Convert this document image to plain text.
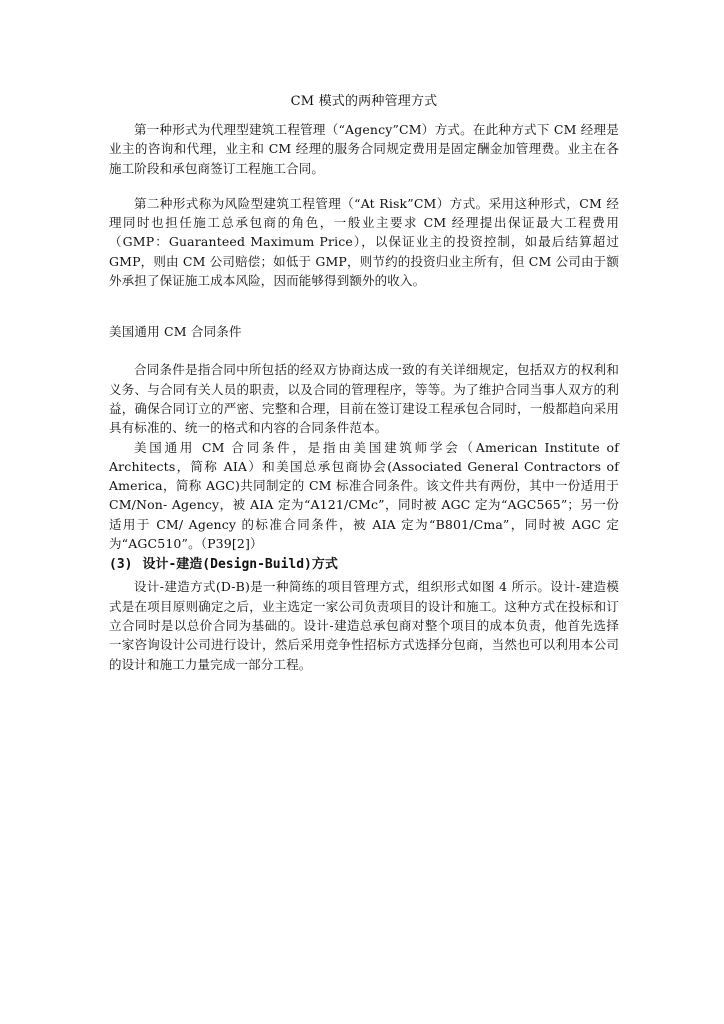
CM 模式的两种管理方式

第一种形式为代理型建筑工程管理（“Agency”CM）方式。在此种方式下 CM 经理是业主的咨询和代理，业主和 CM 经理的服务合同规定费用是固定酬金加管理费。业主在各施工阶段和承包商签订工程施工合同。

第二种形式称为风险型建筑工程管理（“At Risk”CM）方式。采用这种形式，CM 经理同时也担任施工总承包商的角色，一般业主要求 CM 经理提出保证最大工程费用（GMP：Guaranteed Maximum Price），以保证业主的投资控制，如最后结算超过 GMP，则由 CM 公司赔偿；如低于 GMP，则节约的投资归业主所有，但 CM 公司由于额外承担了保证施工成本风险，因而能够得到额外的收入。

美国通用 CM 合同条件

合同条件是指合同中所包括的经双方协商达成一致的有关详细规定，包括双方的权利和义务、与合同有关人员的职责，以及合同的管理程序，等等。为了维护合同当事人双方的利益，确保合同订立的严密、完整和合理，目前在签订建设工程承包合同时，一般都趋向采用具有标准的、统一的格式和内容的合同条件范本。

美国通用 CM 合同条件，是指由美国建筑师学会（American Institute of Architects，简称 AIA）和美国总承包商协会(Associated General Contractors of America，简称 AGC)共同制定的 CM 标准合同条件。该文件共有两份，其中一份适用于 CM/Non- Agency，被 AIA 定为“A121/CMc”，同时被 AGC 定为“AGC565”；另一份适用于 CM/ Agency 的标准合同条件，被 AIA 定为“B801/Cma”，同时被 AGC 定为“AGC510”。（P39[2]）

(3) 设计-建造(Design-Build)方式

设计-建造方式(D-B)是一种简练的项目管理方式，组织形式如图 4 所示。设计-建造模式是在项目原则确定之后，业主选定一家公司负责项目的设计和施工。这种方式在投标和订立合同时是以总价合同为基础的。设计-建造总承包商对整个项目的成本负责，他首先选择一家咨询设计公司进行设计，然后采用竞争性招标方式选择分包商，当然也可以利用本公司的设计和施工力量完成一部分工程。
